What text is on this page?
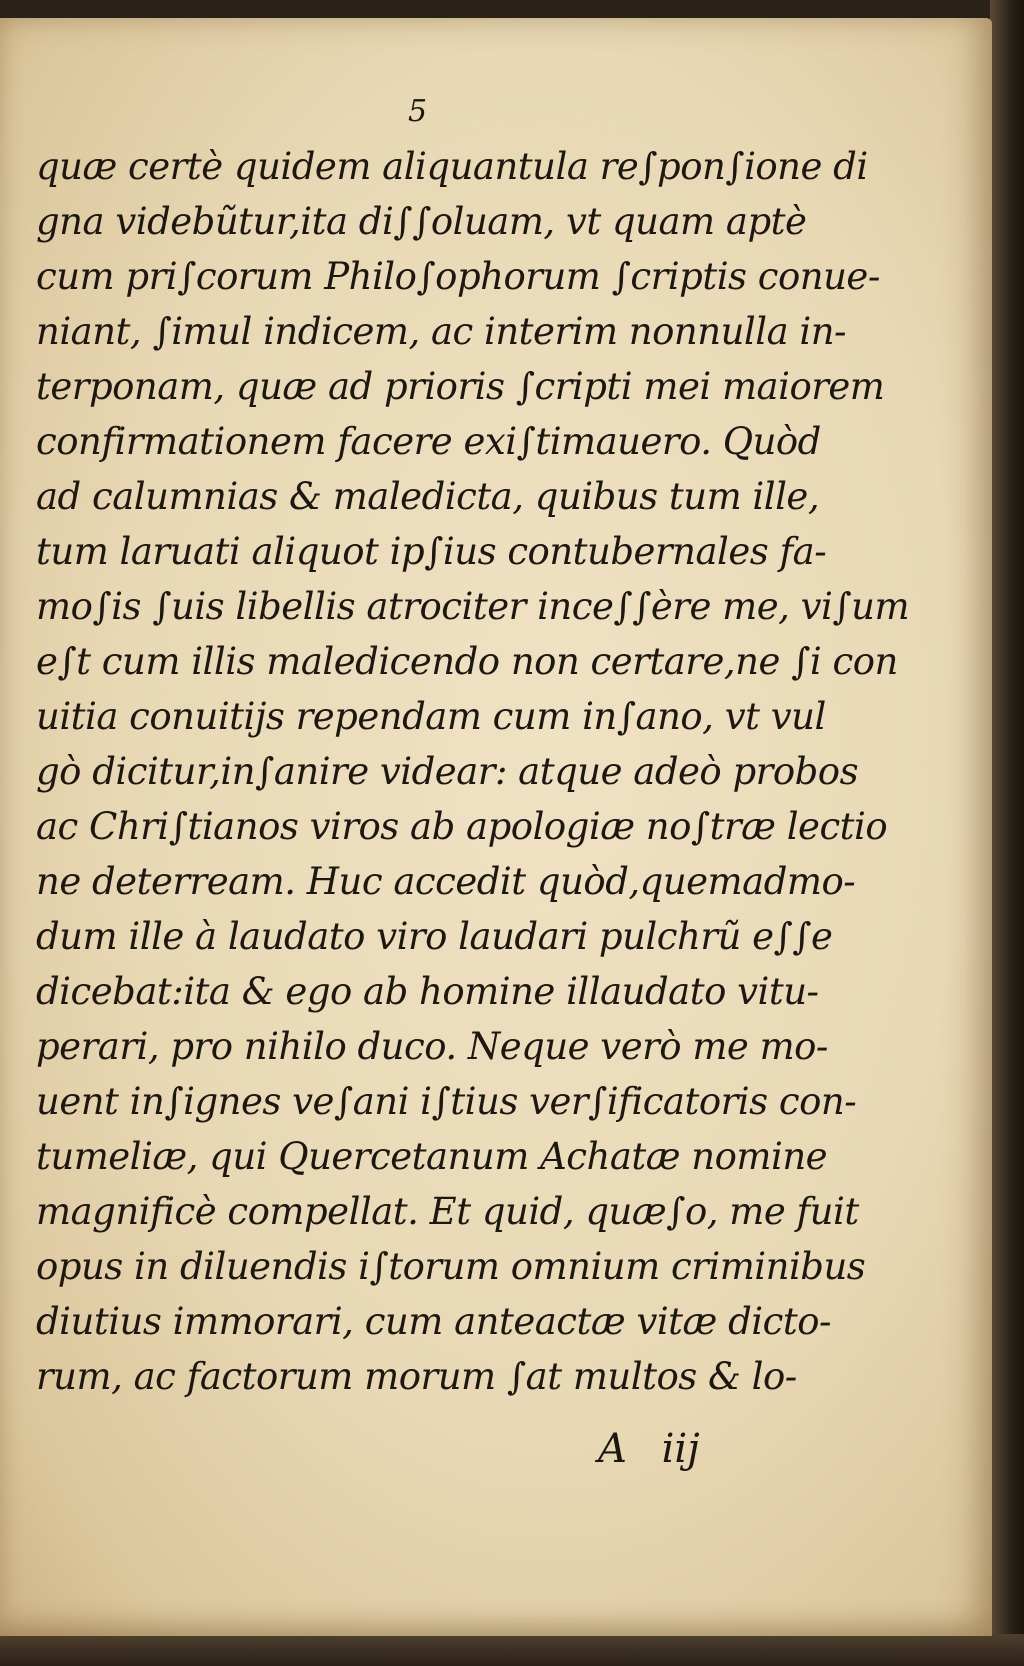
5
quæ certè quidem aliquantula re∫pon∫ione di
gna videbũtur,ita di∫∫oluam, vt quam aptè
cum pri∫corum Philo∫ophorum ∫criptis conue-
niant, ∫imul indicem, ac interim nonnulla in-
terponam, quæ ad prioris ∫cripti mei maiorem
confirmationem facere exi∫timauero. Quòd
ad calumnias & maledicta, quibus tum ille,
tum laruati aliquot ip∫ius contubernales fa-
mo∫is ∫uis libellis atrociter ince∫∫ère me, vi∫um
e∫t cum illis maledicendo non certare,ne ∫i con
uitia conuitijs rependam cum in∫ano, vt vul
gò dicitur,in∫anire videar: atque adeò probos
ac Chri∫tianos viros ab apologiæ no∫træ lectio
ne deterream. Huc accedit quòd,quemadmo-
dum ille à laudato viro laudari pulchrũ e∫∫e
dicebat:ita & ego ab homine illaudato vitu-
perari, pro nihilo duco. Neque verò me mo-
uent in∫ignes ve∫ani i∫tius ver∫ificatoris con-
tumeliæ, qui Quercetanum Achatæ nomine
magnificè compellat. Et quid, quæ∫o, me fuit
opus in diluendis i∫torum omnium criminibus
diutius immorari, cum anteactæ vitæ dicto-
rum, ac factorum morum ∫at multos & lo-
A iij
